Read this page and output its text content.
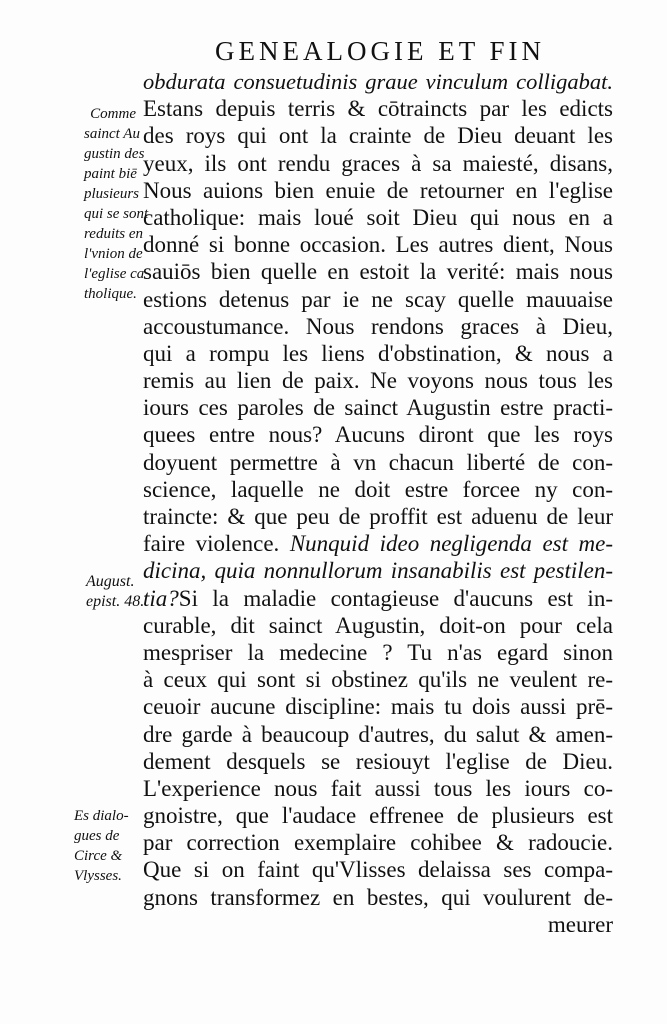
GENEALOGIE ET FIN
obdurata consuetudinis graue vinculum colligabat.
Estans depuis terris & cōtraincts par les edicts
des roys qui ont la crainte de Dieu deuant les
yeux, ils ont rendu graces à sa maiesté, disans,
Nous auions bien enuie de retourner en l'eglise
catholique: mais loué soit Dieu qui nous en a
donné si bonne occasion. Les autres dient, Nous
sauiōs bien quelle en estoit la verité: mais nous
estions detenus par ie ne scay quelle mauuaise
accoustumance. Nous rendons graces à Dieu,
qui a rompu les liens d'obstination, & nous a
remis au lien de paix. Ne voyons nous tous les
iours ces paroles de sainct Augustin estre practi-
quees entre nous? Aucuns diront que les roys
doyuent permettre à vn chacun liberté de con-
science, laquelle ne doit estre forcee ny con-
trainctе: & que peu de proffit est aduenu de leur
faire violence. Nunquid ideo negligenda est me-
dicina, quia nonnullorum insanabilis est pestilen-
tia?Si la maladie contagieuse d'aucuns est in-
curable, dit sainct Augustin, doit-on pour cela
mespriser la medecine ? Tu n'as egard sinon
à ceux qui sont si obstinez qu'ils ne veulent re-
ceuoir aucune discipline: mais tu dois aussi prē-
dre garde à beaucoup d'autres, du salut & amen-
dement desquels se resiouyt l'eglise de Dieu.
L'experience nous fait aussi tous les iours co-
gnoistre, que l'audace effrenee de plusieurs est
par correction exemplaire cohibee & radoucie.
Que si on faint qu'Vlisses delaissa ses compa-
gnons transformez en bestes, qui voulurent de-
meurer
Comme
sainct Au
gustin des
paint biē
plusieurs
qui se sont
reduits en
l'vnion de
l'eglise ca
tholique.
August.
epist. 48.
Es dialo-
gues de
Circe &
Vlysses.
